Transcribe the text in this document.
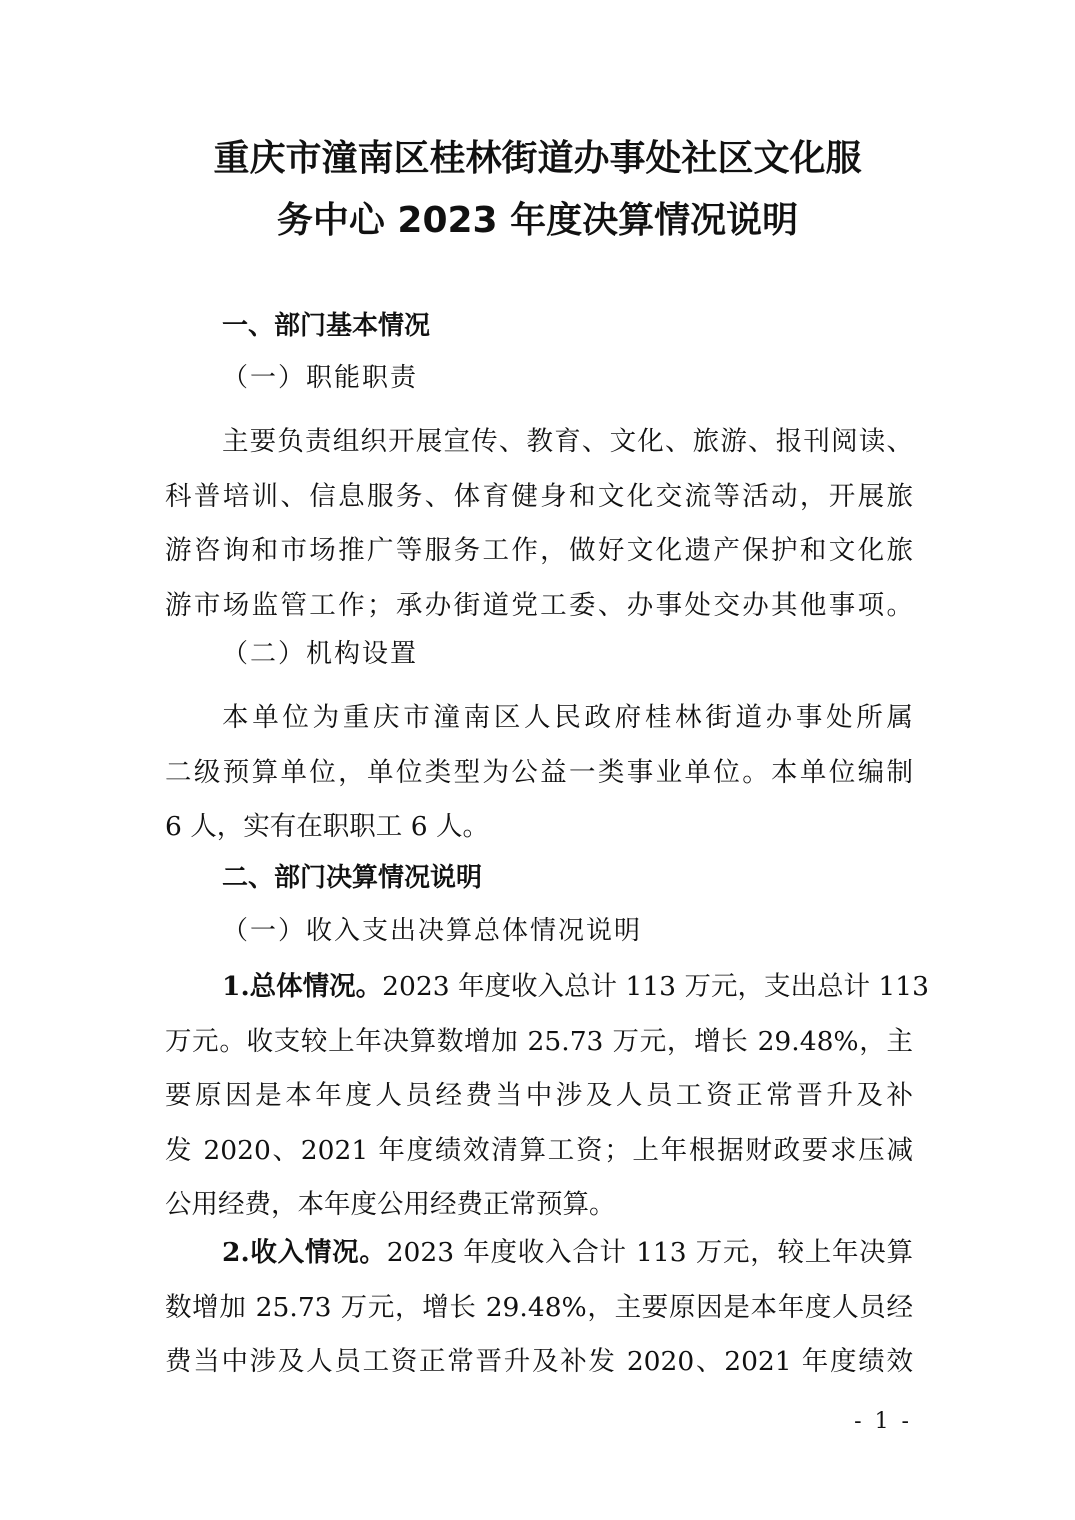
重庆市潼南区桂林街道办事处社区文化服
务中心 2023 年度决算情况说明
一、部门基本情况
（一）职能职责
主要负责组织开展宣传、教育、文化、旅游、报刊阅读、
科普培训、信息服务、体育健身和文化交流等活动，开展旅
游咨询和市场推广等服务工作，做好文化遗产保护和文化旅
游市场监管工作；承办街道党工委、办事处交办其他事项。
（二）机构设置
本单位为重庆市潼南区人民政府桂林街道办事处所属
二级预算单位，单位类型为公益一类事业单位。本单位编制
6 人，实有在职职工 6 人。
二、部门决算情况说明
（一）收入支出决算总体情况说明
1.总体情况。2023 年度收入总计 113 万元，支出总计 113
万元。收支较上年决算数增加 25.73 万元，增长 29.48%，主
要原因是本年度人员经费当中涉及人员工资正常晋升及补
发 2020、2021 年度绩效清算工资；上年根据财政要求压减
公用经费，本年度公用经费正常预算。
2.收入情况。2023 年度收入合计 113 万元，较上年决算
数增加 25.73 万元，增长 29.48%，主要原因是本年度人员经
费当中涉及人员工资正常晋升及补发 2020、2021 年度绩效
- 1 -
